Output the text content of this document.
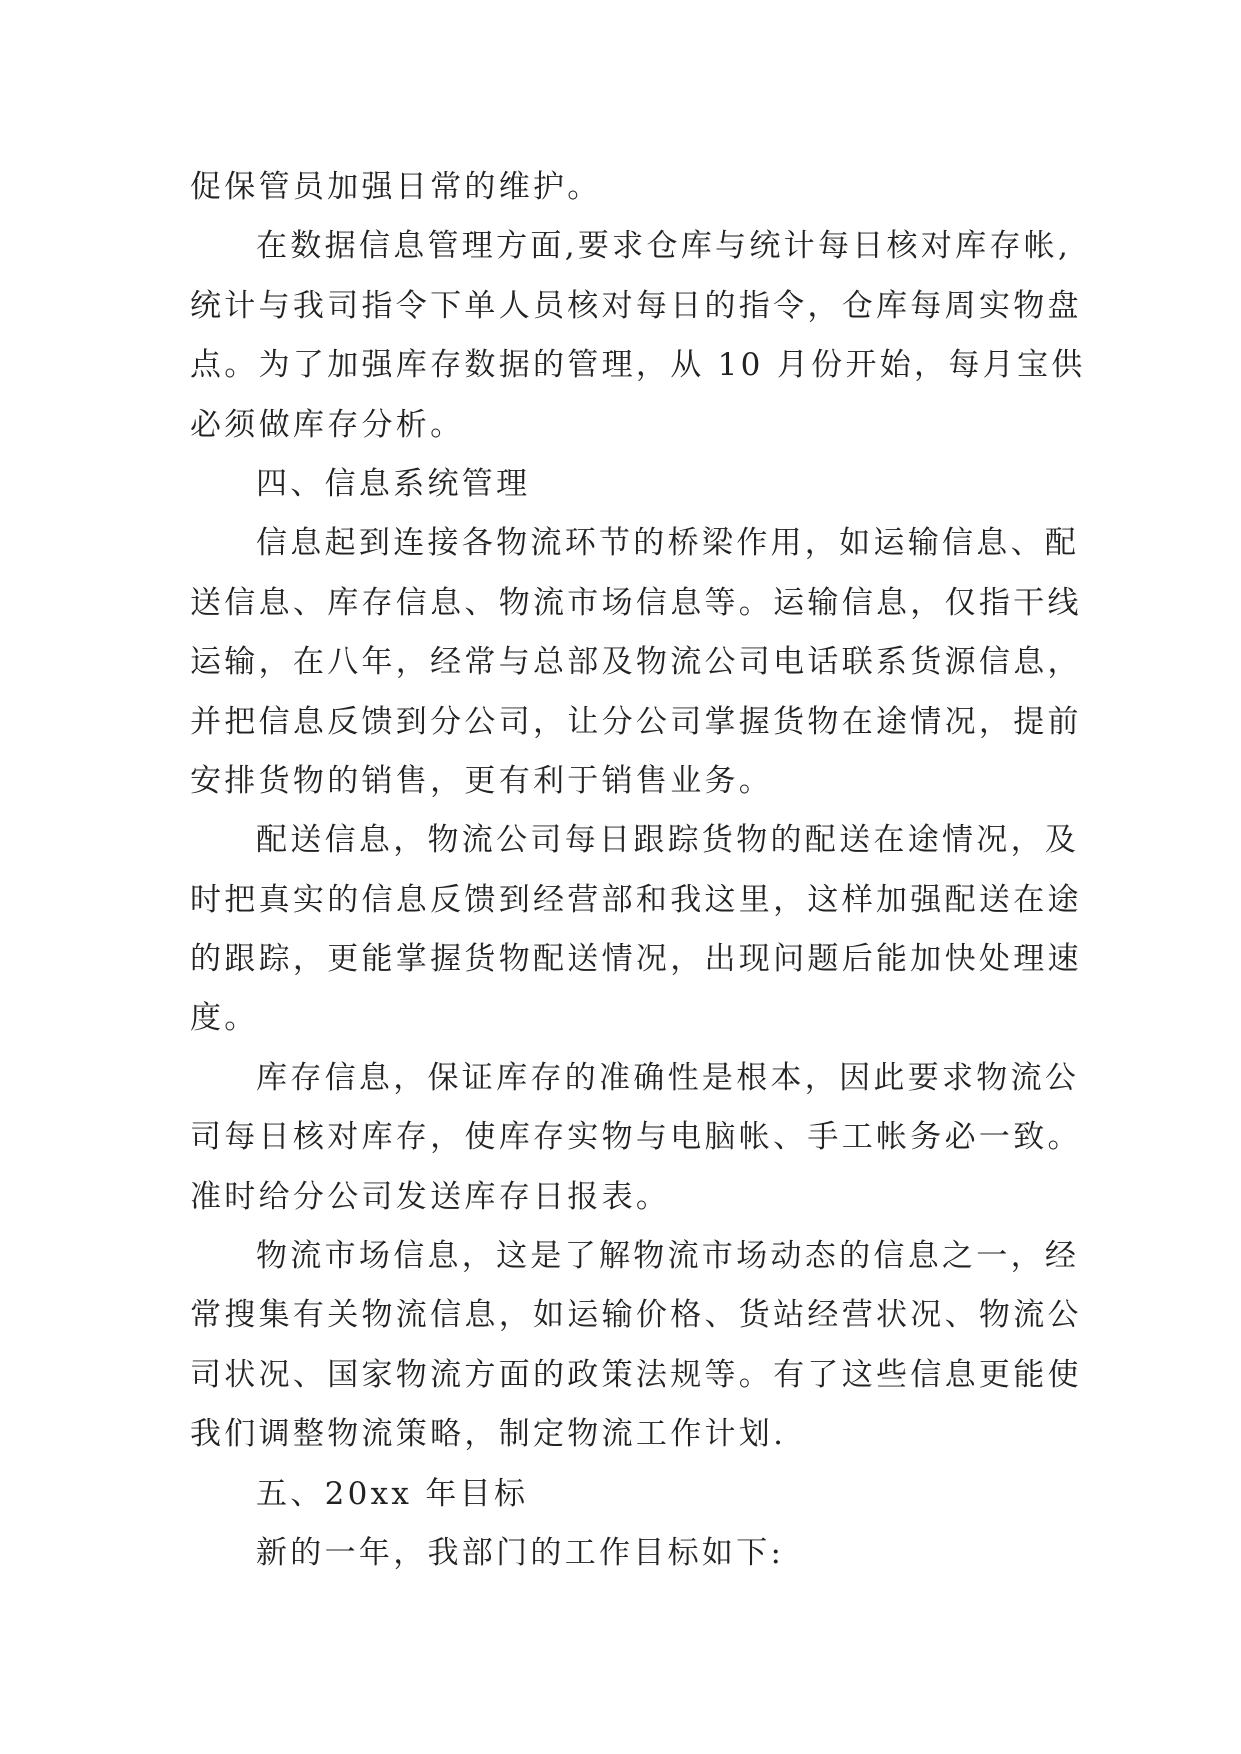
促保管员加强日常的维护。
在数据信息管理方面,要求仓库与统计每日核对库存帐,
统计与我司指令下单人员核对每日的指令，仓库每周实物盘
点。为了加强库存数据的管理，从 10 月份开始，每月宝供
必须做库存分析。
四、信息系统管理
信息起到连接各物流环节的桥梁作用，如运输信息、配
送信息、库存信息、物流市场信息等。运输信息，仅指干线
运输，在八年，经常与总部及物流公司电话联系货源信息，
并把信息反馈到分公司，让分公司掌握货物在途情况，提前
安排货物的销售，更有利于销售业务。
配送信息，物流公司每日跟踪货物的配送在途情况，及
时把真实的信息反馈到经营部和我这里，这样加强配送在途
的跟踪，更能掌握货物配送情况，出现问题后能加快处理速
度。
库存信息，保证库存的准确性是根本，因此要求物流公
司每日核对库存，使库存实物与电脑帐、手工帐务必一致。
准时给分公司发送库存日报表。
物流市场信息，这是了解物流市场动态的信息之一，经
常搜集有关物流信息，如运输价格、货站经营状况、物流公
司状况、国家物流方面的政策法规等。有了这些信息更能使
我们调整物流策略，制定物流工作计划.
五、20xx 年目标
新的一年，我部门的工作目标如下:
